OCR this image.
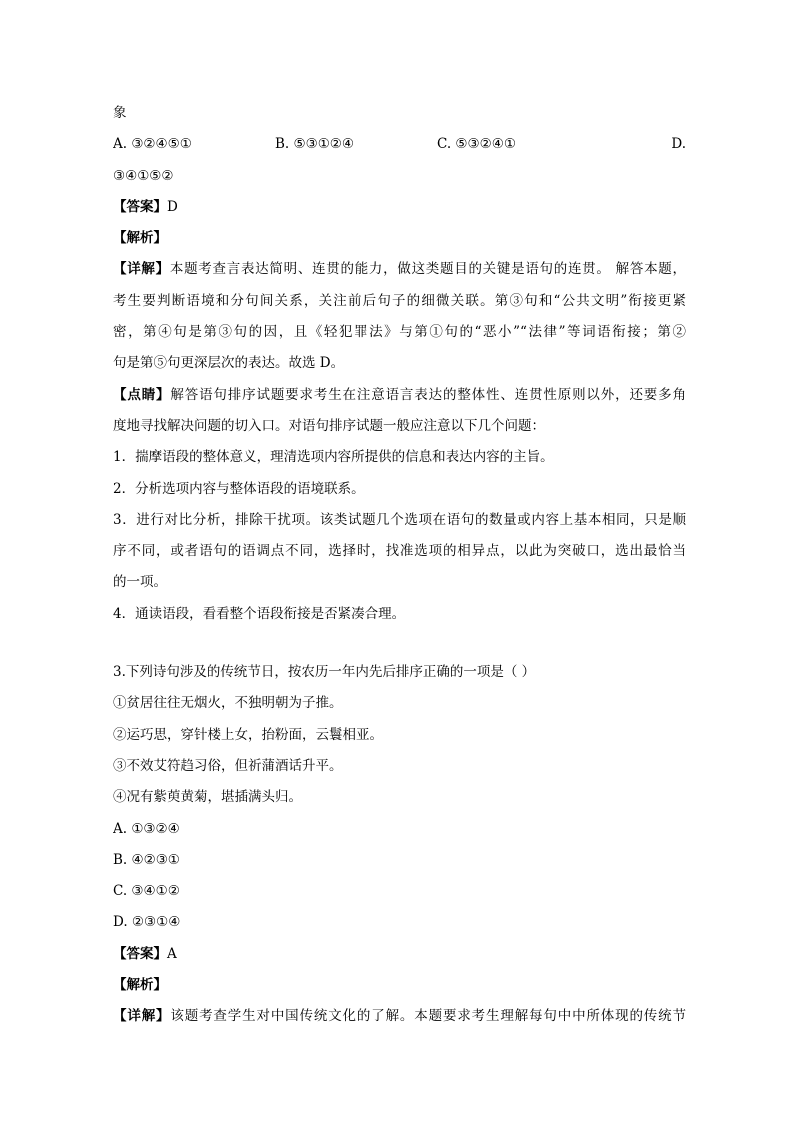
象
A. ③②④⑤①	B. ⑤③①②④	C. ⑤③②④①	D.
③④①⑤②
【答案】D
【解析】
【详解】本题考查言表达简明、连贯的能力，做这类题目的关键是语句的连贯。 解答本题，
考生要判断语境和分句间关系，关注前后句子的细微关联。第③句和“公共文明”衔接更紧
密，第④句是第③句的因，且《轻犯罪法》与第①句的“恶小”“法律”等词语衔接；第②
句是第⑤句更深层次的表达。故选 D。
【点睛】解答语句排序试题要求考生在注意语言表达的整体性、连贯性原则以外，还要多角
度地寻找解决问题的切入口。对语句排序试题一般应注意以下几个问题：
1．揣摩语段的整体意义，理清选项内容所提供的信息和表达内容的主旨。
2．分析选项内容与整体语段的语境联系。
3．进行对比分析，排除干扰项。该类试题几个选项在语句的数量或内容上基本相同，只是顺
序不同，或者语句的语调点不同，选择时，找准选项的相异点，以此为突破口，选出最恰当
的一项。
4．通读语段，看看整个语段衔接是否紧凑合理。
3.下列诗句涉及的传统节日，按农历一年内先后排序正确的一项是（ ）
①贫居往往无烟火，不独明朝为子推。
②运巧思，穿针楼上女，抬粉面，云鬟相亚。
③不效艾符趋习俗，但祈蒲酒话升平。
④况有紫萸黄菊，堪插满头归。
A. ①③②④
B. ④②③①
C. ③④①②
D. ②③①④
【答案】A
【解析】
【详解】该题考查学生对中国传统文化的了解。本题要求考生理解每句中中所体现的传统节
